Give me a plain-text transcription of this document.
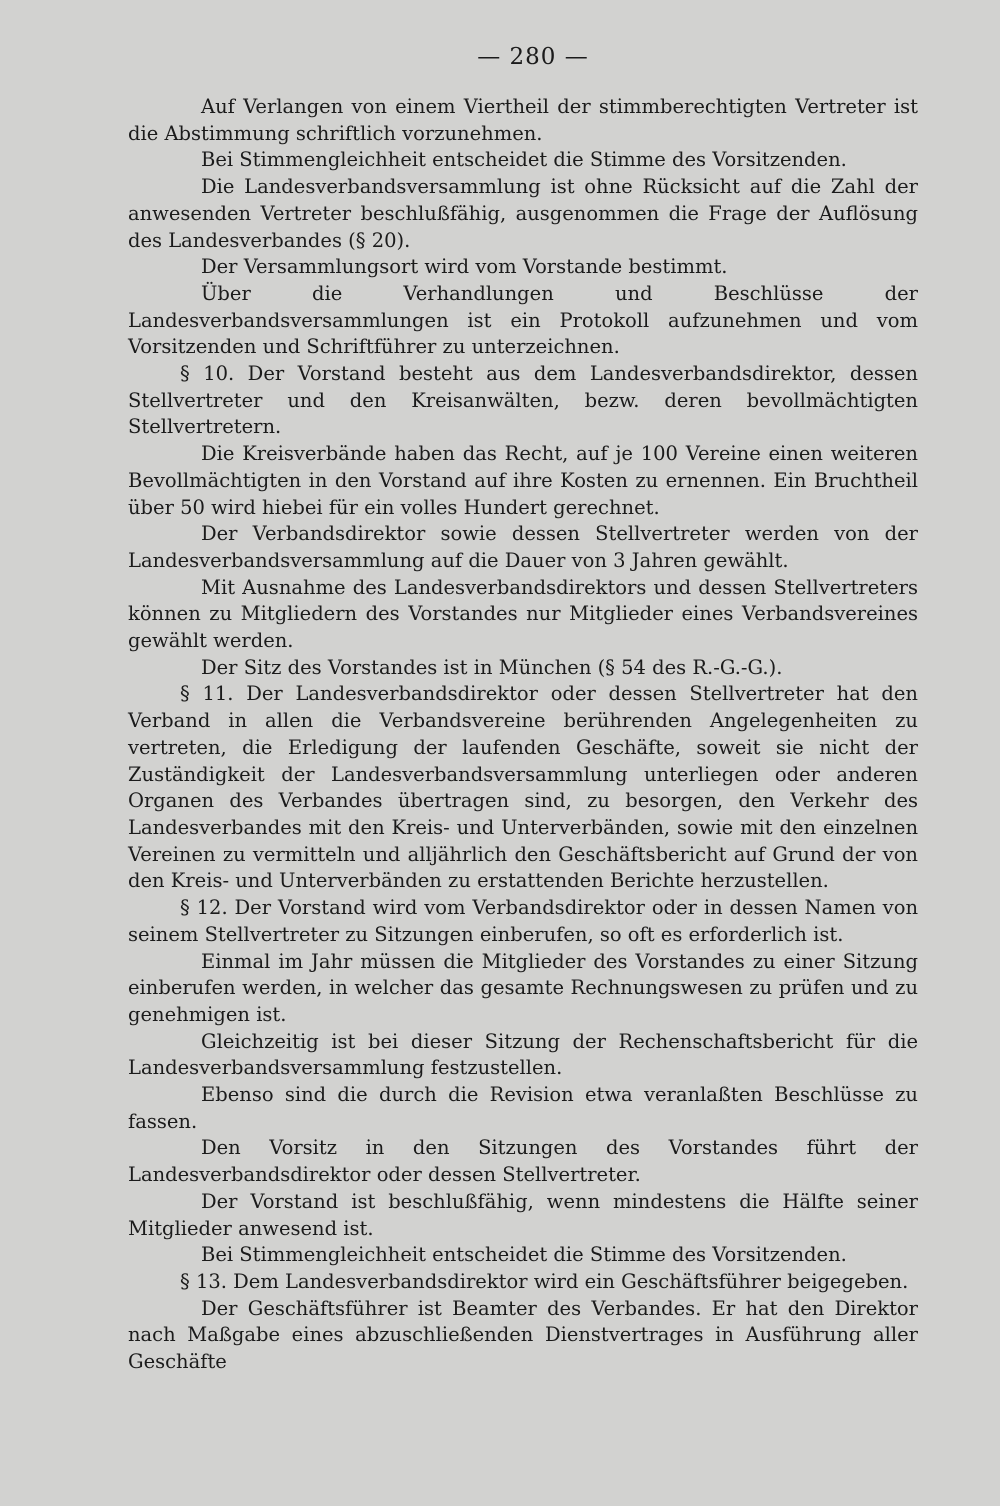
— 280 —

Auf Verlangen von einem Viertheil der stimmberechtigten Vertreter ist die Abstimmung schriftlich vorzunehmen.

Bei Stimmengleichheit entscheidet die Stimme des Vorsitzenden.

Die Landesverbandsversammlung ist ohne Rücksicht auf die Zahl der anwesenden Vertreter beschlußfähig, ausgenommen die Frage der Auflösung des Landesverbandes (§ 20).

Der Versammlungsort wird vom Vorstande bestimmt.

Über die Verhandlungen und Beschlüsse der Landesverbandsversammlungen ist ein Protokoll aufzunehmen und vom Vorsitzenden und Schriftführer zu unterzeichnen.

§ 10. Der Vorstand besteht aus dem Landesverbandsdirektor, dessen Stellvertreter und den Kreisanwälten, bezw. deren bevollmächtigten Stellvertretern.

Die Kreisverbände haben das Recht, auf je 100 Vereine einen weiteren Bevollmächtigten in den Vorstand auf ihre Kosten zu ernennen. Ein Bruchtheil über 50 wird hiebei für ein volles Hundert gerechnet.

Der Verbandsdirektor sowie dessen Stellvertreter werden von der Landesverbandsversammlung auf die Dauer von 3 Jahren gewählt.

Mit Ausnahme des Landesverbandsdirektors und dessen Stellvertreters können zu Mitgliedern des Vorstandes nur Mitglieder eines Verbandsvereines gewählt werden.

Der Sitz des Vorstandes ist in München (§ 54 des R.-G.-G.).

§ 11. Der Landesverbandsdirektor oder dessen Stellvertreter hat den Verband in allen die Verbandsvereine berührenden Angelegenheiten zu vertreten, die Erledigung der laufenden Geschäfte, soweit sie nicht der Zuständigkeit der Landesverbandsversammlung unterliegen oder anderen Organen des Verbandes übertragen sind, zu besorgen, den Verkehr des Landesverbandes mit den Kreis- und Unterverbänden, sowie mit den einzelnen Vereinen zu vermitteln und alljährlich den Geschäftsbericht auf Grund der von den Kreis- und Unterverbänden zu erstattenden Berichte herzustellen.

§ 12. Der Vorstand wird vom Verbandsdirektor oder in dessen Namen von seinem Stellvertreter zu Sitzungen einberufen, so oft es erforderlich ist.

Einmal im Jahr müssen die Mitglieder des Vorstandes zu einer Sitzung einberufen werden, in welcher das gesamte Rechnungswesen zu prüfen und zu genehmigen ist.

Gleichzeitig ist bei dieser Sitzung der Rechenschaftsbericht für die Landesverbandsversammlung festzustellen.

Ebenso sind die durch die Revision etwa veranlaßten Beschlüsse zu fassen.

Den Vorsitz in den Sitzungen des Vorstandes führt der Landesverbandsdirektor oder dessen Stellvertreter.

Der Vorstand ist beschlußfähig, wenn mindestens die Hälfte seiner Mitglieder anwesend ist.

Bei Stimmengleichheit entscheidet die Stimme des Vorsitzenden.

§ 13. Dem Landesverbandsdirektor wird ein Geschäftsführer beigegeben.

Der Geschäftsführer ist Beamter des Verbandes. Er hat den Direktor nach Maßgabe eines abzuschließenden Dienstvertrages in Ausführung aller Geschäfte
